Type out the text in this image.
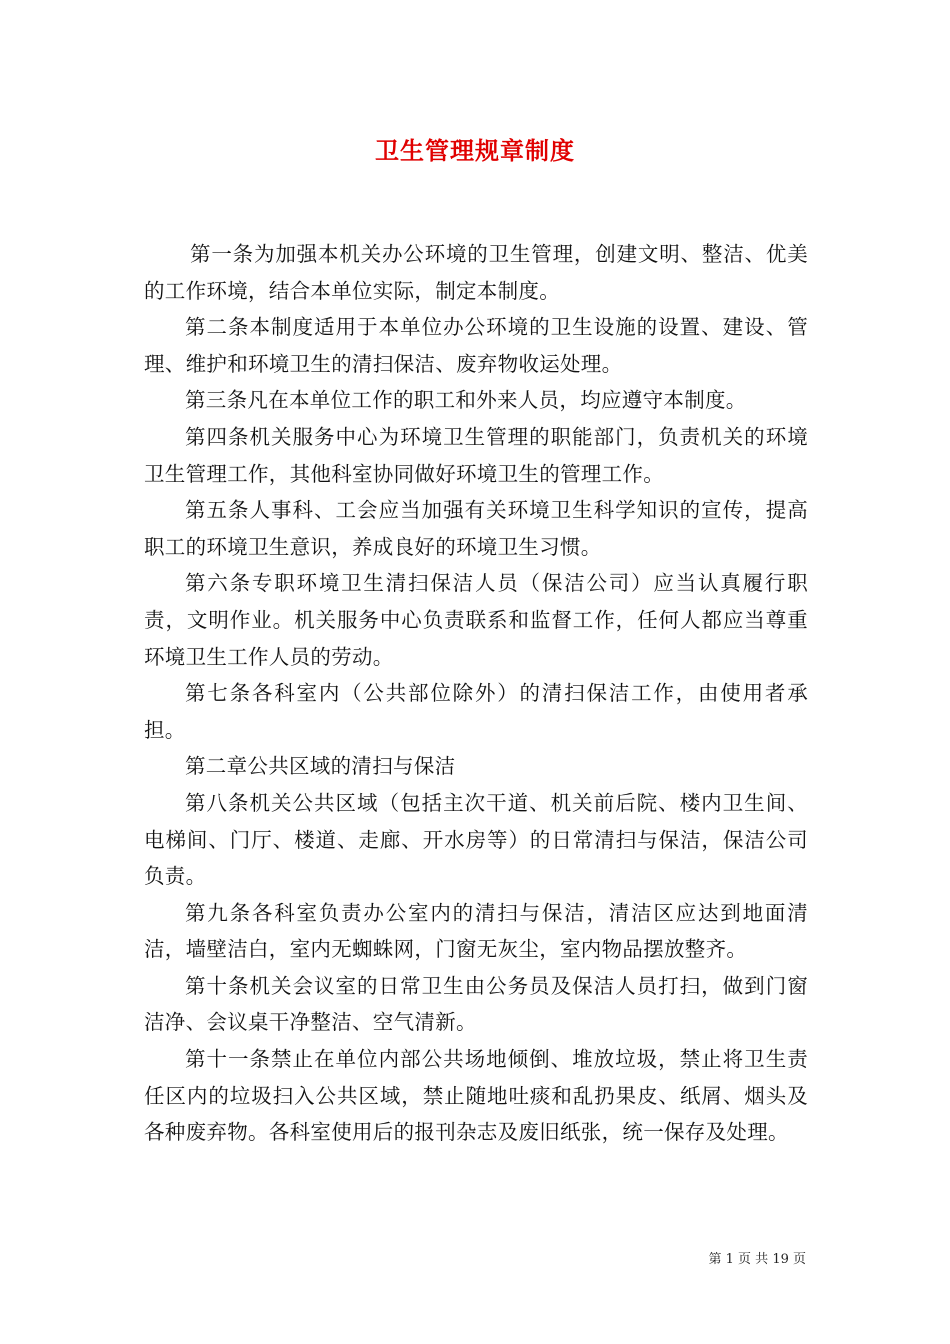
卫生管理规章制度

第一条为加强本机关办公环境的卫生管理，创建文明、整洁、优美的工作环境，结合本单位实际，制定本制度。

第二条本制度适用于本单位办公环境的卫生设施的设置、建设、管理、维护和环境卫生的清扫保洁、废弃物收运处理。

第三条凡在本单位工作的职工和外来人员，均应遵守本制度。

第四条机关服务中心为环境卫生管理的职能部门，负责机关的环境卫生管理工作，其他科室协同做好环境卫生的管理工作。

第五条人事科、工会应当加强有关环境卫生科学知识的宣传，提高职工的环境卫生意识，养成良好的环境卫生习惯。

第六条专职环境卫生清扫保洁人员（保洁公司）应当认真履行职责，文明作业。机关服务中心负责联系和监督工作，任何人都应当尊重环境卫生工作人员的劳动。

第七条各科室内（公共部位除外）的清扫保洁工作，由使用者承担。

第二章公共区域的清扫与保洁

第八条机关公共区域（包括主次干道、机关前后院、楼内卫生间、电梯间、门厅、楼道、走廊、开水房等）的日常清扫与保洁，保洁公司负责。

第九条各科室负责办公室内的清扫与保洁，清洁区应达到地面清洁，墙壁洁白，室内无蜘蛛网，门窗无灰尘，室内物品摆放整齐。

第十条机关会议室的日常卫生由公务员及保洁人员打扫，做到门窗洁净、会议桌干净整洁、空气清新。

第十一条禁止在单位内部公共场地倾倒、堆放垃圾，禁止将卫生责任区内的垃圾扫入公共区域，禁止随地吐痰和乱扔果皮、纸屑、烟头及各种废弃物。各科室使用后的报刊杂志及废旧纸张，统一保存及处理。

第 1 页 共 19 页
